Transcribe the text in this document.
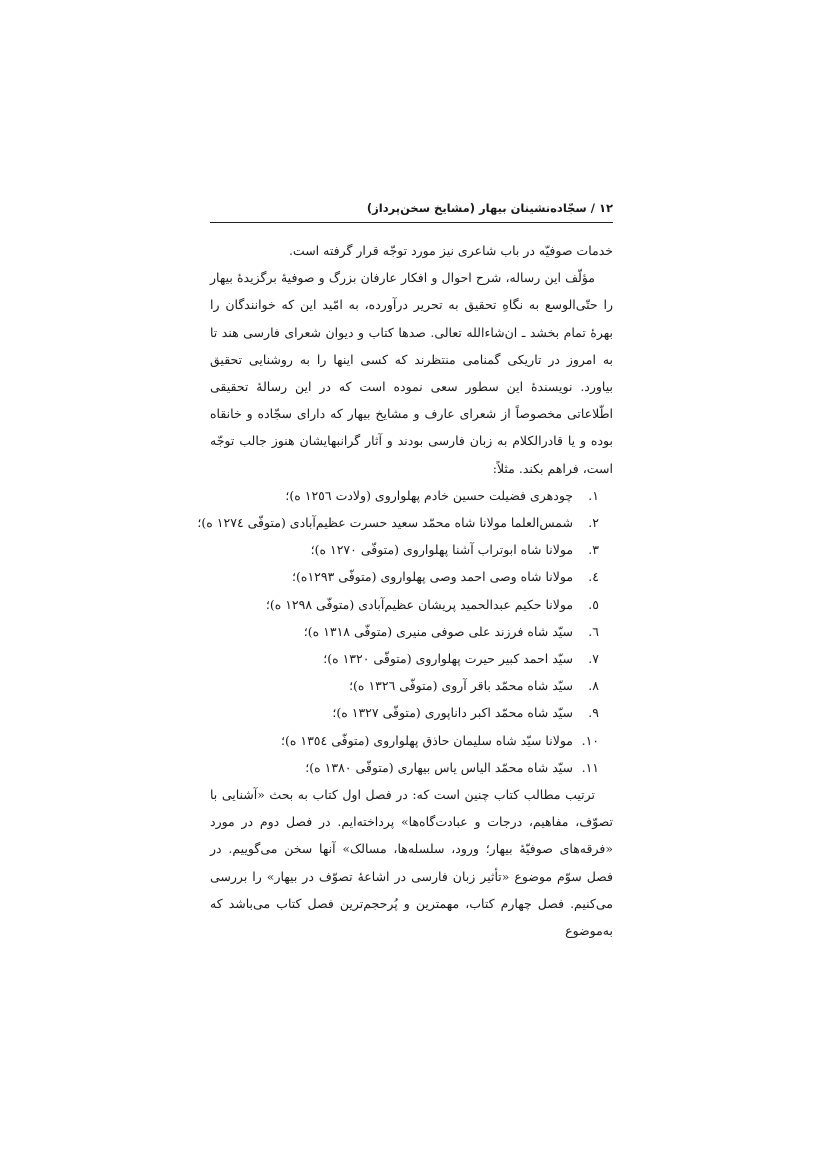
۱۲ / سجّاده‌نشینان بیهار (مشایخ سخن‌پرداز)

خدمات صوفیّه در باب شاعری نیز مورد توجّه قرار گرفته است.

مؤلّف این رساله، شرح احوال و افکار عارفان بزرگ و صوفیهٔ برگزیدهٔ بیهار را حتّی‌الوسع به نگاهِ تحقیق به تحریر درآورده، به امّید این که خوانندگان را بهرهٔ تمام بخشد ـ ان‌شاءالله تعالی. صدها کتاب و دیوان شعرای فارسی هند تا به امروز در تاریکی گمنامی منتظرند که کسی اینها را به روشنایی تحقیق بیاورد. نویسندهٔ این سطور سعی نموده است که در این رسالهٔ تحقیقی اطّلاعاتی مخصوصاً از شعرای عارف و مشایخ بیهار که دارای سجّاده و خانقاه بوده و یا قادرالکلام به زبان فارسی بودند و آثار گرانبهایشان هنوز جالب توجّه است، فراهم بکند. مثلاً:

١. چودهری فضیلت حسین خادم پهلواروی (ولادت ١٢٥٦ ه)؛
٢. شمس‌العلما مولانا شاه محمّد سعید حسرت عظیم‌آبادی (متوفّی ١٢٧٤ ه)؛
٣. مولانا شاه ابوتراب آشنا پهلواروی (متوفّی ١٢٧٠ ه)؛
٤. مولانا شاه وصی احمد وصی پهلواروی (متوفّی ١٢٩٣ه)؛
٥. مولانا حکیم عبدالحمید پریشان عظیم‌آبادی (متوفّی ١٢٩٨ ه)؛
٦. سیّد شاه فرزند علی صوفی منیری (متوفّی ١٣١٨ ه)؛
٧. سیّد احمد کبیر حیرت پهلواروی (متوفّی ١٣٢٠ ه)؛
٨. سیّد شاه محمّد باقر آروی (متوفّی ١٣٢٦ ه)؛
٩. سیّد شاه محمّد اکبر داناپوری (متوفّی ١٣٢٧ ه)؛
١٠. مولانا سیّد شاه سلیمان حاذق پهلواروی (متوفّی ١٣٥٤ ه)؛
١١. سیّد شاه محمّد الیاس یاس بیهاری (متوفّی ١٣٨٠ ه)؛

ترتیب مطالب کتاب چنین است که: در فصل اول کتاب به بحث «آشنایی با تصوّف، مفاهیم، درجات و عبادت‌گاه‌ها» پرداخته‌ایم. در فصل دوم در مورد «فرقه‌های صوفیّهٔ بیهار؛ ورود، سلسله‌ها، مسالک» آنها سخن می‌گوییم. در فصل سوّم موضوع «تأثیر زبان فارسی در اشاعهٔ تصوّف در بیهار» را بررسی می‌کنیم. فصل چهارم کتاب، مهمترین و پُرحجم‌ترین فصل کتاب می‌باشد که به‌موضوع
